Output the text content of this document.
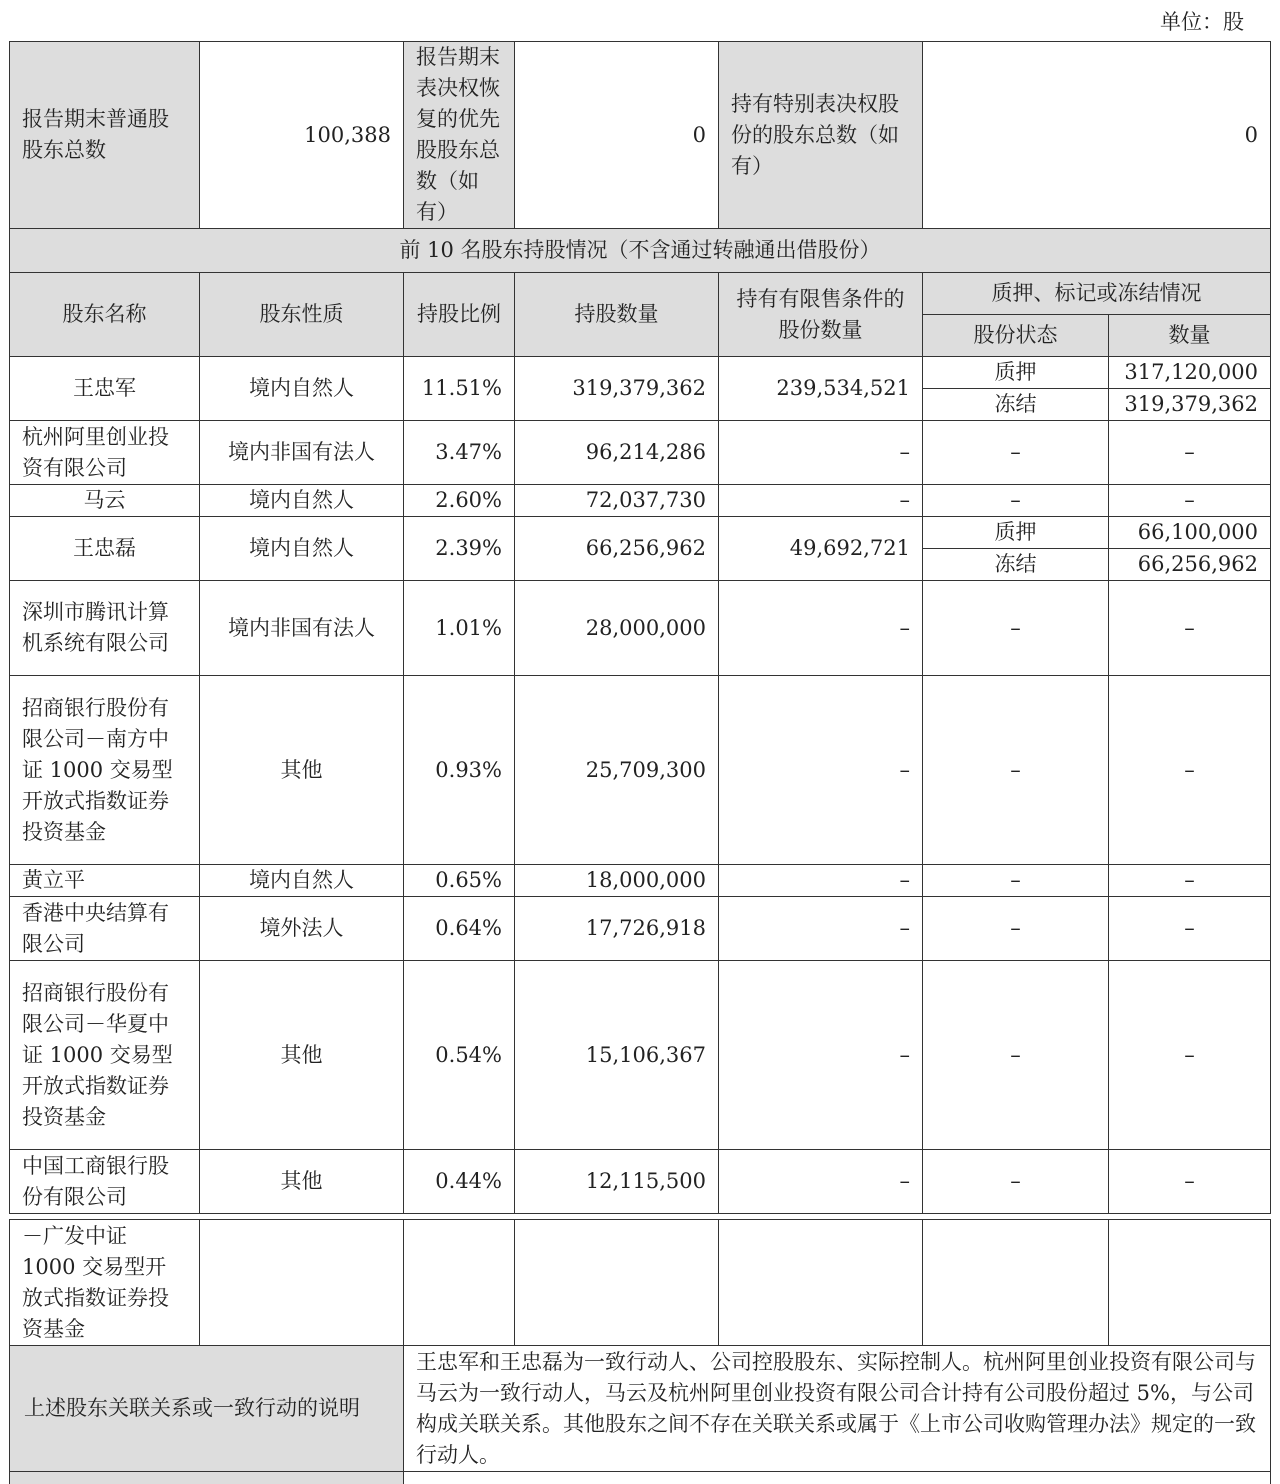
单位：股
报告期末普通股股东总数	100,388	报告期末表决权恢复的优先股股东总数（如有）	0	持有特别表决权股份的股东总数（如有）	0	
前 10 名股东持股情况（不含通过转融通出借股份）						
股东名称	股东性质	持股比例	持股数量	持有有限售条件的股份数量	质押、标记或冻结情况	
					股份状态	数量
王忠军	境内自然人	11.51%	319,379,362	239,534,521	质押	317,120,000
					冻结	319,379,362
杭州阿里创业投资有限公司	境内非国有法人	3.47%	96,214,286	–	–	–
马云	境内自然人	2.60%	72,037,730	–	–	–
王忠磊	境内自然人	2.39%	66,256,962	49,692,721	质押	66,100,000
					冻结	66,256,962
深圳市腾讯计算机系统有限公司	境内非国有法人	1.01%	28,000,000	–	–	–
招商银行股份有限公司－南方中证 1000 交易型开放式指数证券投资基金	其他	0.93%	25,709,300	–	–	–
黄立平	境内自然人	0.65%	18,000,000	–	–	–
香港中央结算有限公司	境外法人	0.64%	17,726,918	–	–	–
招商银行股份有限公司－华夏中证 1000 交易型开放式指数证券投资基金	其他	0.54%	15,106,367	–	–	–
中国工商银行股份有限公司	其他	0.44%	12,115,500	–	–	–

－广发中证 1000 交易型开放式指数证券投资基金						
上述股东关联关系或一致行动的说明		王忠军和王忠磊为一致行动人、公司控股股东、实际控制人。杭州阿里创业投资有限公司与马云为一致行动人，马云及杭州阿里创业投资有限公司合计持有公司股份超过 5%，与公司构成关联关系。其他股东之间不存在关联关系或属于《上市公司收购管理办法》规定的一致行动人。				
